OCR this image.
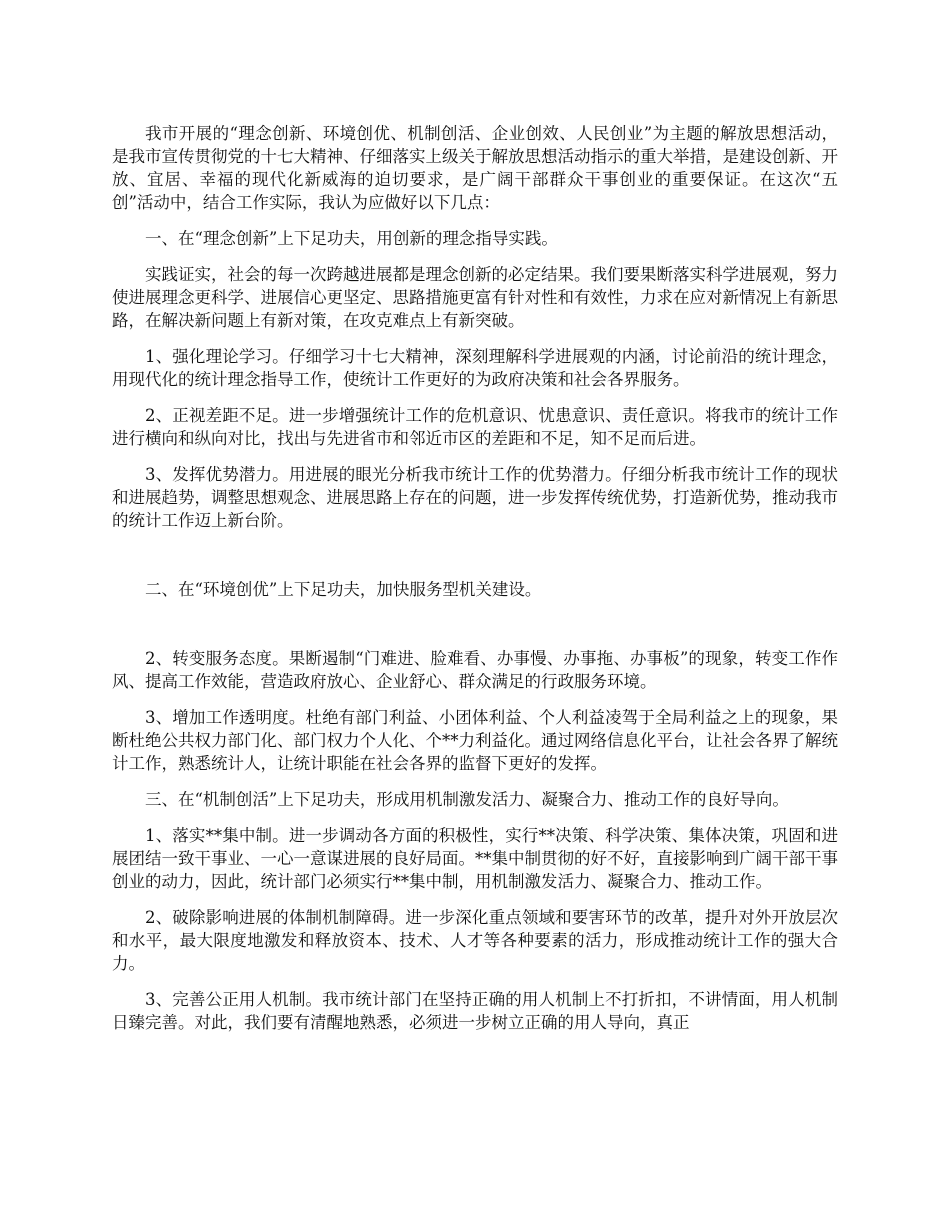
我市开展的“理念创新、环境创优、机制创活、企业创效、人民创业”为主题的解放思想活动，是我市宣传贯彻党的十七大精神、仔细落实上级关于解放思想活动指示的重大举措，是建设创新、开放、宜居、幸福的现代化新威海的迫切要求，是广阔干部群众干事创业的重要保证。在这次“五创”活动中，结合工作实际，我认为应做好以下几点：

一、在“理念创新”上下足功夫，用创新的理念指导实践。

实践证实，社会的每一次跨越进展都是理念创新的必定结果。我们要果断落实科学进展观，努力使进展理念更科学、进展信心更坚定、思路措施更富有针对性和有效性，力求在应对新情况上有新思路，在解决新问题上有新对策，在攻克难点上有新突破。

1、强化理论学习。仔细学习十七大精神，深刻理解科学进展观的内涵，讨论前沿的统计理念，用现代化的统计理念指导工作，使统计工作更好的为政府决策和社会各界服务。

2、正视差距不足。进一步增强统计工作的危机意识、忧患意识、责任意识。将我市的统计工作进行横向和纵向对比，找出与先进省市和邻近市区的差距和不足，知不足而后进。

3、发挥优势潜力。用进展的眼光分析我市统计工作的优势潜力。仔细分析我市统计工作的现状和进展趋势，调整思想观念、进展思路上存在的问题，进一步发挥传统优势，打造新优势，推动我市的统计工作迈上新台阶。

二、在“环境创优”上下足功夫，加快服务型机关建设。

2、转变服务态度。果断遏制“门难进、脸难看、办事慢、办事拖、办事板”的现象，转变工作作风、提高工作效能，营造政府放心、企业舒心、群众满足的行政服务环境。

3、增加工作透明度。杜绝有部门利益、小团体利益、个人利益凌驾于全局利益之上的现象，果断杜绝公共权力部门化、部门权力个人化、个**力利益化。通过网络信息化平台，让社会各界了解统计工作，熟悉统计人，让统计职能在社会各界的监督下更好的发挥。

三、在“机制创活”上下足功夫，形成用机制激发活力、凝聚合力、推动工作的良好导向。

1、落实**集中制。进一步调动各方面的积极性，实行**决策、科学决策、集体决策，巩固和进展团结一致干事业、一心一意谋进展的良好局面。**集中制贯彻的好不好，直接影响到广阔干部干事创业的动力，因此，统计部门必须实行**集中制，用机制激发活力、凝聚合力、推动工作。

2、破除影响进展的体制机制障碍。进一步深化重点领域和要害环节的改革，提升对外开放层次和水平，最大限度地激发和释放资本、技术、人才等各种要素的活力，形成推动统计工作的强大合力。

3、完善公正用人机制。我市统计部门在坚持正确的用人机制上不打折扣，不讲情面，用人机制日臻完善。对此，我们要有清醒地熟悉，必须进一步树立正确的用人导向，真正
